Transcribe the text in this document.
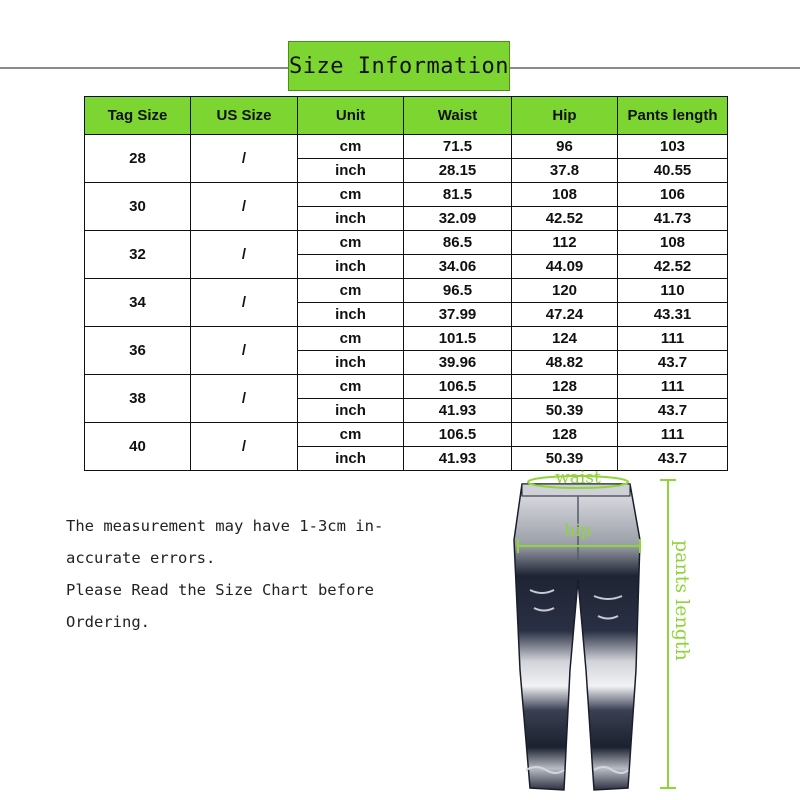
Size Information
Tag Size	US Size	Unit	Waist	Hip	Pants length
28	/	cm	71.5	96	103
		inch	28.15	37.8	40.55
30	/	cm	81.5	108	106
		inch	32.09	42.52	41.73
32	/	cm	86.5	112	108
		inch	34.06	44.09	42.52
34	/	cm	96.5	120	110
		inch	37.99	47.24	43.31
36	/	cm	101.5	124	111
		inch	39.96	48.82	43.7
38	/	cm	106.5	128	111
		inch	41.93	50.39	43.7
40	/	cm	106.5	128	111
		inch	41.93	50.39	43.7
The measurement may have 1-3cm in-
accurate errors.
Please Read the Size Chart before
Ordering.
waist
hip
pants length
